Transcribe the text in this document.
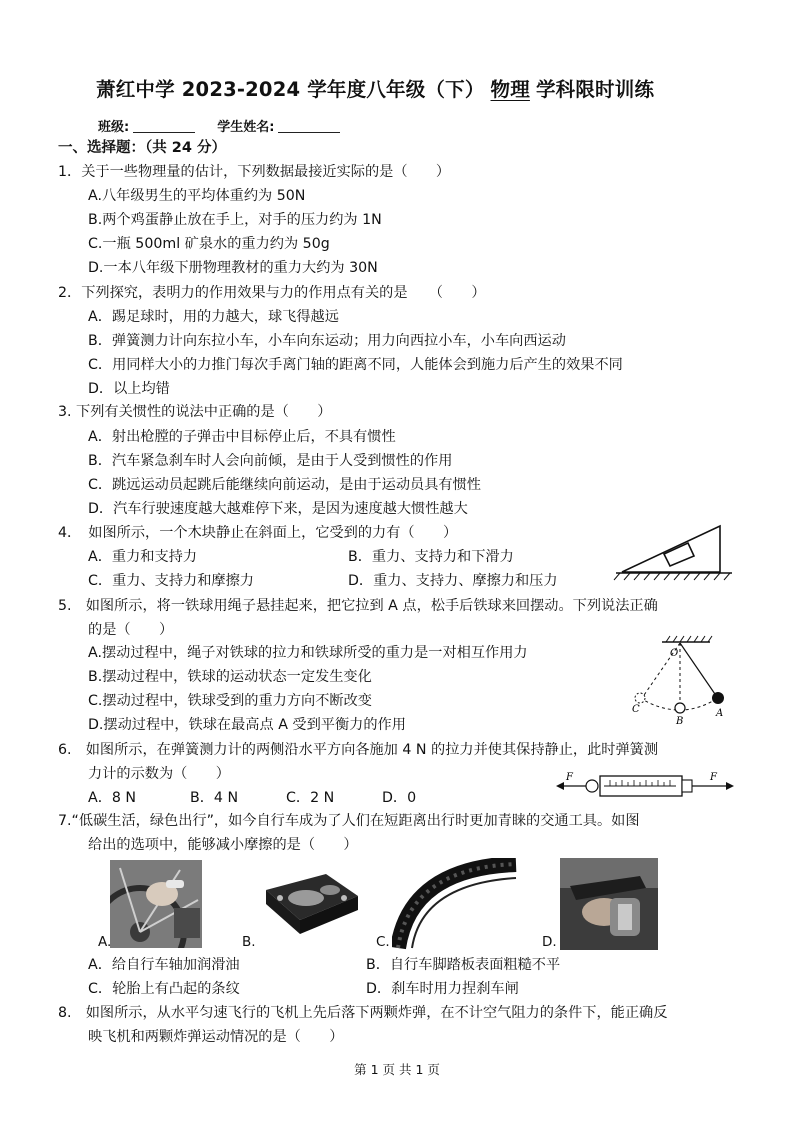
萧红中学 2023-2024 学年度八年级（下） 物理 学科限时训练
班级:	学生姓名:
一、选择题：（共 24 分）
1．关于一些物理量的估计，下列数据最接近实际的是（　　）
A.八年级男生的平均体重约为 50N
B.两个鸡蛋静止放在手上，对手的压力约为 1N
C.一瓶 500ml 矿泉水的重力约为 50g
D.一本八年级下册物理教材的重力大约为 30N
2．下列探究，表明力的作用效果与力的作用点有关的是　　（　　）
A．踢足球时，用的力越大，球飞得越远
B．弹簧测力计向东拉小车，小车向东运动；用力向西拉小车，小车向西运动
C．用同样大小的力推门每次手离门轴的距离不同，人能体会到施力后产生的效果不同
D．以上均错
3. 下列有关惯性的说法中正确的是（　　）
A．射出枪膛的子弹击中目标停止后，不具有惯性
B．汽车紧急刹车时人会向前倾，是由于人受到惯性的作用
C．跳远运动员起跳后能继续向前运动，是由于运动员具有惯性
D．汽车行驶速度越大越难停下来，是因为速度越大惯性越大
4．　如图所示，一个木块静止在斜面上，它受到的力有（　　）
A．重力和支持力	B．重力、支持力和下滑力
C．重力、支持力和摩擦力	D．重力、支持力、摩擦力和压力
5.　如图所示，将一铁球用绳子悬挂起来，把它拉到 A 点，松手后铁球来回摆动。下列说法正确
的是（　　）
A.摆动过程中，绳子对铁球的拉力和铁球所受的重力是一对相互作用力
B.摆动过程中，铁球的运动状态一定发生变化
C.摆动过程中，铁球受到的重力方向不断改变
D.摆动过程中，铁球在最高点 A 受到平衡力的作用
O
A
B
C
6.　如图所示，在弹簧测力计的两侧沿水平方向各施加 4 N 的拉力并使其保持静止，此时弹簧测
力计的示数为（　　）
A．8 N	B．4 N	C．2 N	D．0
F	F
7.“低碳生活，绿色出行”，如今自行车成为了人们在短距离出行时更加青睐的交通工具。如图
给出的选项中，能够减小摩擦的是（　　）
A.	B.	C.	D.
A．给自行车轴加润滑油	B．自行车脚踏板表面粗糙不平
C．轮胎上有凸起的条纹	D．刹车时用力捏刹车闸
8.　如图所示，从水平匀速飞行的飞机上先后落下两颗炸弹，在不计空气阻力的条件下，能正确反
映飞机和两颗炸弹运动情况的是（　　）
第 1 页 共 1 页
